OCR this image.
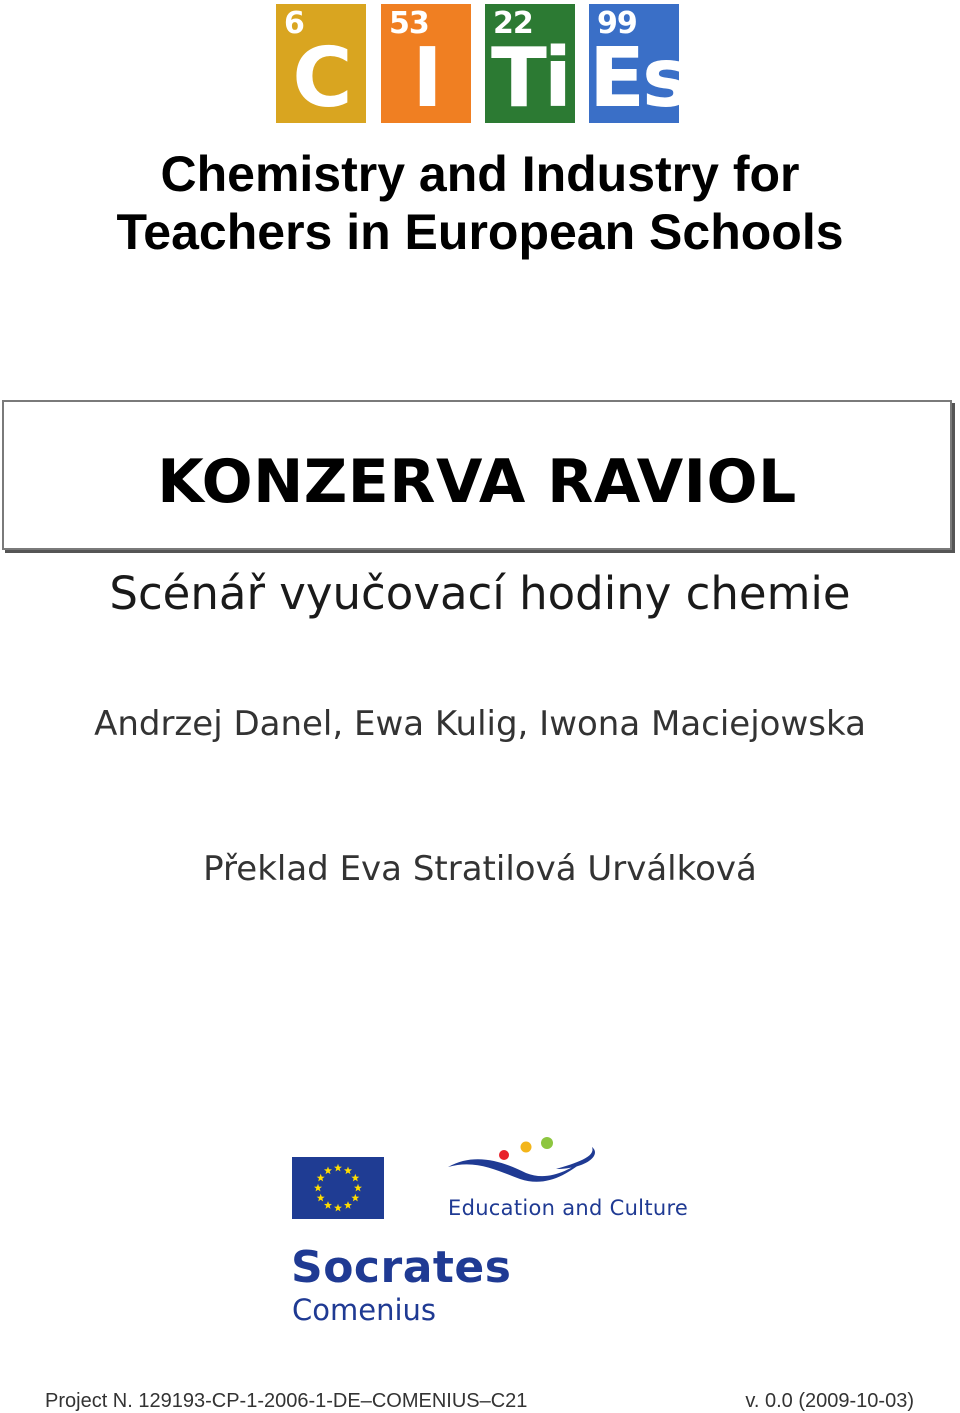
6
C
53
I
22
Ti
99
Es
Chemistry and Industry for
Teachers in European Schools
KONZERVA RAVIOL
Scénář vyučovací hodiny chemie
Andrzej Danel, Ewa Kulig, Iwona Maciejowska
Překlad Eva Stratilová Urválková
Education and Culture
Socrates
Comenius
Project N. 129193-CP-1-2006-1-DE–COMENIUS–C21	v. 0.0 (2009-10-03)
